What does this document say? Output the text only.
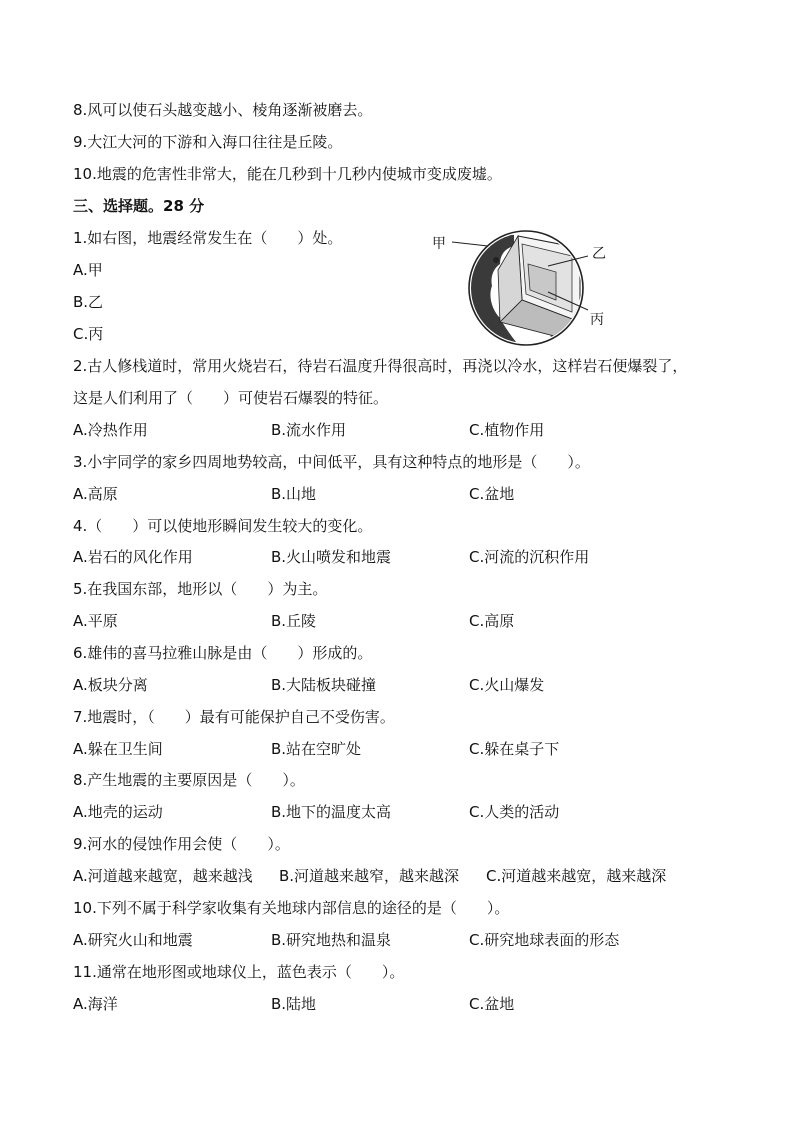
8.风可以使石头越变越小、棱角逐渐被磨去。
9.大江大河的下游和入海口往往是丘陵。
10.地震的危害性非常大，能在几秒到十几秒内使城市变成废墟。
三、选择题。28 分
1.如右图，地震经常发生在（　　）处。
A.甲
B.乙
C.丙
甲
乙
丙
2.古人修栈道时，常用火烧岩石，待岩石温度升得很高时，再浇以冷水，这样岩石便爆裂了，
这是人们利用了（　　）可使岩石爆裂的特征。
A.冷热作用	B.流水作用	C.植物作用
3.小宇同学的家乡四周地势较高，中间低平，具有这种特点的地形是（　　）。
A.高原	B.山地	C.盆地
4.（　　）可以使地形瞬间发生较大的变化。
A.岩石的风化作用	B.火山喷发和地震	C.河流的沉积作用
5.在我国东部，地形以（　　）为主。
A.平原	B.丘陵	C.高原
6.雄伟的喜马拉雅山脉是由（　　）形成的。
A.板块分离	B.大陆板块碰撞	C.火山爆发
7.地震时，（　　）最有可能保护自己不受伤害。
A.躲在卫生间	B.站在空旷处	C.躲在桌子下
8.产生地震的主要原因是（　　）。
A.地壳的运动	B.地下的温度太高	C.人类的活动
9.河水的侵蚀作用会使（　　）。
A.河道越来越宽，越来越浅 B.河道越来越窄，越来越深 C.河道越来越宽，越来越深
10.下列不属于科学家收集有关地球内部信息的途径的是（　　）。
A.研究火山和地震	B.研究地热和温泉	C.研究地球表面的形态
11.通常在地形图或地球仪上，蓝色表示（　　）。
A.海洋	B.陆地	C.盆地
